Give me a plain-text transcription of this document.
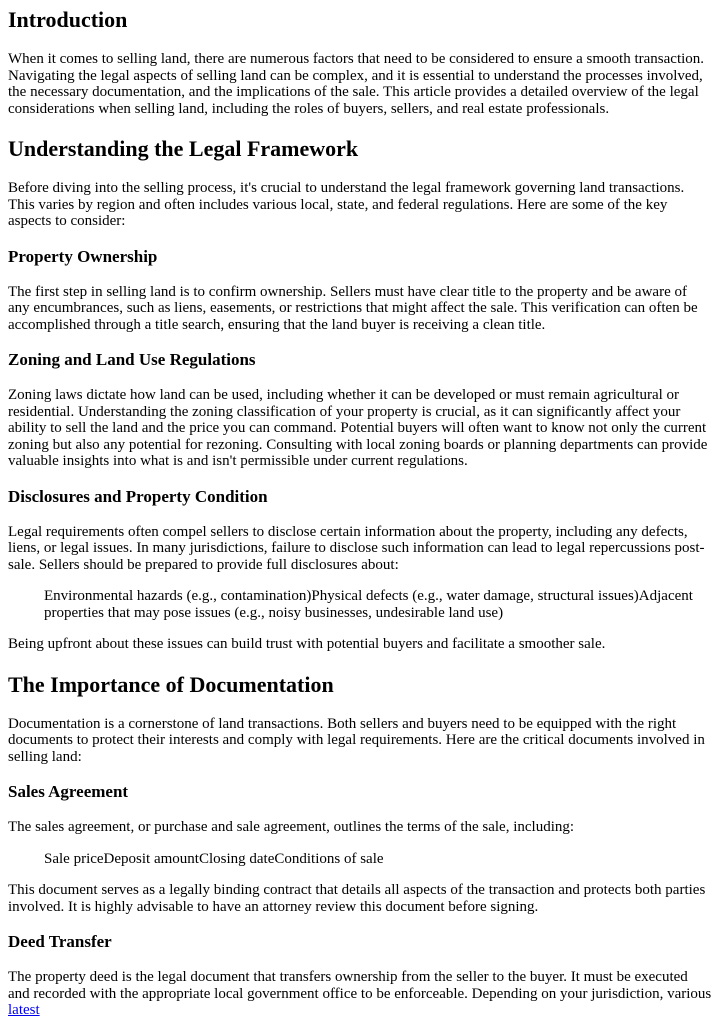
Introduction

When it comes to selling land, there are numerous factors that need to be considered to ensure a smooth transaction. Navigating the legal aspects of selling land can be complex, and it is essential to understand the processes involved, the necessary documentation, and the implications of the sale. This article provides a detailed overview of the legal considerations when selling land, including the roles of buyers, sellers, and real estate professionals.

Understanding the Legal Framework

Before diving into the selling process, it's crucial to understand the legal framework governing land transactions. This varies by region and often includes various local, state, and federal regulations. Here are some of the key aspects to consider:

Property Ownership

The first step in selling land is to confirm ownership. Sellers must have clear title to the property and be aware of any encumbrances, such as liens, easements, or restrictions that might affect the sale. This verification can often be accomplished through a title search, ensuring that the land buyer is receiving a clean title.

Zoning and Land Use Regulations

Zoning laws dictate how land can be used, including whether it can be developed or must remain agricultural or residential. Understanding the zoning classification of your property is crucial, as it can significantly affect your ability to sell the land and the price you can command. Potential buyers will often want to know not only the current zoning but also any potential for rezoning. Consulting with local zoning boards or planning departments can provide valuable insights into what is and isn't permissible under current regulations.

Disclosures and Property Condition

Legal requirements often compel sellers to disclose certain information about the property, including any defects, liens, or legal issues. In many jurisdictions, failure to disclose such information can lead to legal repercussions post-sale. Sellers should be prepared to provide full disclosures about:

Environmental hazards (e.g., contamination)Physical defects (e.g., water damage, structural issues)Adjacent properties that may pose issues (e.g., noisy businesses, undesirable land use)

Being upfront about these issues can build trust with potential buyers and facilitate a smoother sale.

The Importance of Documentation

Documentation is a cornerstone of land transactions. Both sellers and buyers need to be equipped with the right documents to protect their interests and comply with legal requirements. Here are the critical documents involved in selling land:

Sales Agreement

The sales agreement, or purchase and sale agreement, outlines the terms of the sale, including:

Sale priceDeposit amountClosing dateConditions of sale

This document serves as a legally binding contract that details all aspects of the transaction and protects both parties involved. It is highly advisable to have an attorney review this document before signing.

Deed Transfer

The property deed is the legal document that transfers ownership from the seller to the buyer. It must be executed and recorded with the appropriate local government office to be enforceable. Depending on your jurisdiction, various latest
